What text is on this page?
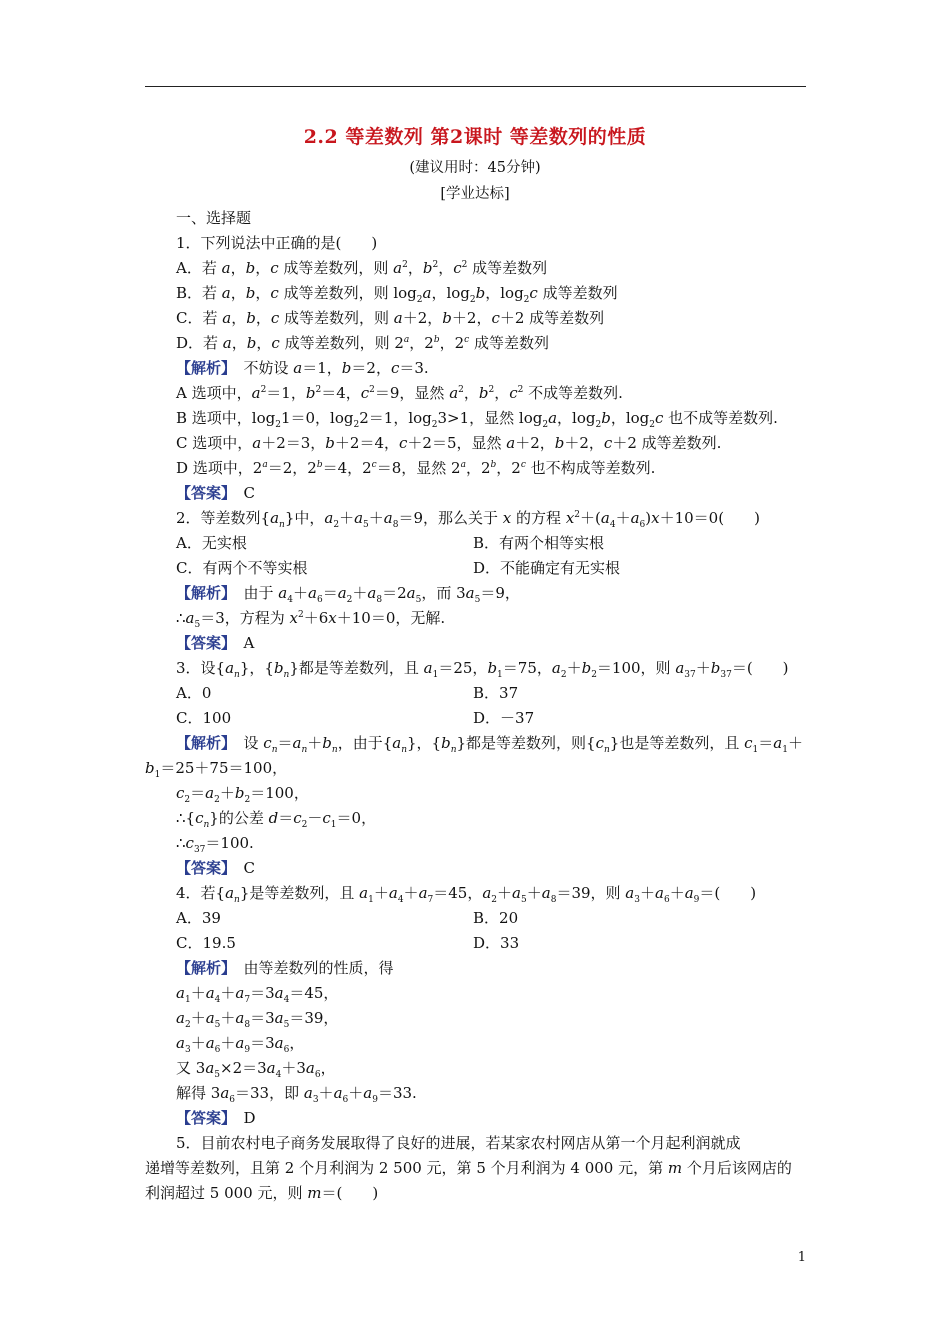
2.2 等差数列 第2课时 等差数列的性质
(建议用时：45分钟)
[学业达标]
一、选择题
1．下列说法中正确的是(　　)
A．若 a，b，c 成等差数列，则 $a^2$，$b^2$，$c^2$ 成等差数列
B．若 a，b，c 成等差数列，则 $\log_2a$，$\log_2b$，$\log_2c$ 成等差数列
C．若 a，b，c 成等差数列，则 a＋2，b＋2，c＋2 成等差数列
D．若 a，b，c 成等差数列，则 2$^a$，2$^b$，2$^c$ 成等差数列
【解析】　不妨设 a＝1，b＝2，c＝3.
A 选项中，$a^2=1$，$b^2=4$，$c^2=9$，显然 $a^2$，$b^2$，$c^2$ 不成等差数列.
B 选项中，$\log_21=0$，$\log_22=1$，$\log_23>1$，显然 $\log_2a$，$\log_2b$，$\log_2c$ 也不成等差数列.
C 选项中，a＋2＝3，b＋2＝4，c＋2＝5，显然 a＋2，b＋2，c＋2 成等差数列.
D 选项中，$2^a=2$，$2^b=4$，$2^c=8$，显然 2$^a$，2$^b$，2$^c$ 也不构成等差数列.
【答案】　 C
2．等差数列$\{a_n\}$中，$a_2+a_5+a_8=9$，那么关于 x 的方程 $x^2+(a_4+a_6)x+10=0$(　　)
A．无实根	B．有两个相等实根
C．有两个不等实根	D．不能确定有无实根
【解析】　由于 $a_4+a_6=a_2+a_8=2a_5$，而 $3a_5=9$，
$\therefore a_5=3$，方程为 $x^2+6x+10=0$，无解.
【答案】　 A
3．设$\{a_n\}$，$\{b_n\}$都是等差数列，且 $a_1=25$，$b_1=75$，$a_2+b_2=100$，则 $a_{37}+b_{37}=$(　　)
A．0	B．37
C．100	D．－37
【解析】　设 $c_n=a_n+b_n$，由于$\{a_n\}$，$\{b_n\}$都是等差数列，则$\{c_n\}$也是等差数列，且 $c_1=a_1+$
$b_1=25+75=100$，
$c_2=a_2+b_2=100$，
$\therefore\{c_n\}$的公差 $d=c_2-c_1=0$，
$\therefore c_{37}=100$.
【答案】　 C
4．若$\{a_n\}$是等差数列，且 $a_1+a_4+a_7=45$，$a_2+a_5+a_8=39$，则 $a_3+a_6+a_9=$(　　)
A．39	B．20
C．19.5	D．33
【解析】　由等差数列的性质，得
$a_1+a_4+a_7=3a_4=45$，
$a_2+a_5+a_8=3a_5=39$，
$a_3+a_6+a_9=3a_6$，
又 $3a_5\times 2=3a_4+3a_6$，
解得 $3a_6=33$，即 $a_3+a_6+a_9=33$.
【答案】　 D
5．目前农村电子商务发展取得了良好的进展，若某家农村网店从第一个月起利润就成
递增等差数列，且第 2 个月利润为 2 500 元，第 5 个月利润为 4 000 元，第 m 个月后该网店的
利润超过 5 000 元，则 m＝(　　)
1
